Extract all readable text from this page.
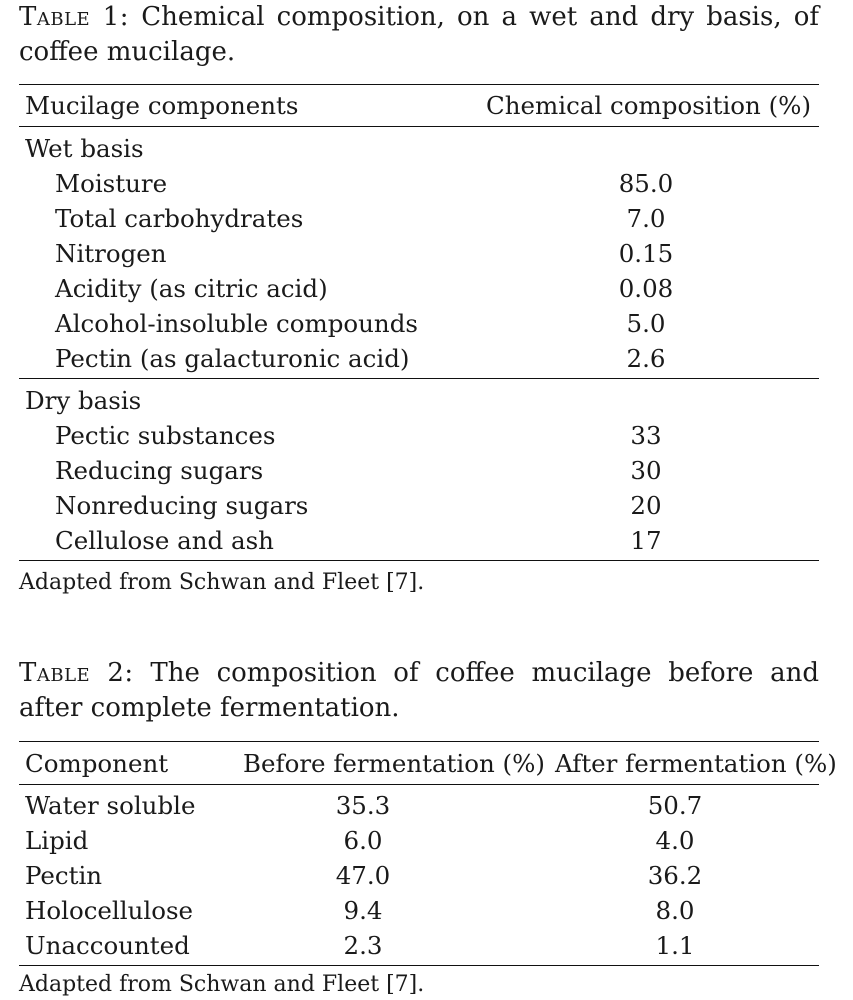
Table 1: Chemical composition, on a wet and dry basis, of coffee mucilage.
Mucilage components	Chemical composition (%)
Wet basis
Moisture	85.0
Total carbohydrates	7.0
Nitrogen	0.15
Acidity (as citric acid)	0.08
Alcohol-insoluble compounds	5.0
Pectin (as galacturonic acid)	2.6
Dry basis
Pectic substances	33
Reducing sugars	30
Nonreducing sugars	20
Cellulose and ash	17
Adapted from Schwan and Fleet [7].
Table 2: The composition of coffee mucilage before and after complete fermentation.
Component	Before fermentation (%) After fermentation (%)
Water soluble	35.3	50.7
Lipid	6.0	4.0
Pectin	47.0	36.2
Holocellulose	9.4	8.0
Unaccounted	2.3	1.1
Adapted from Schwan and Fleet [7].
